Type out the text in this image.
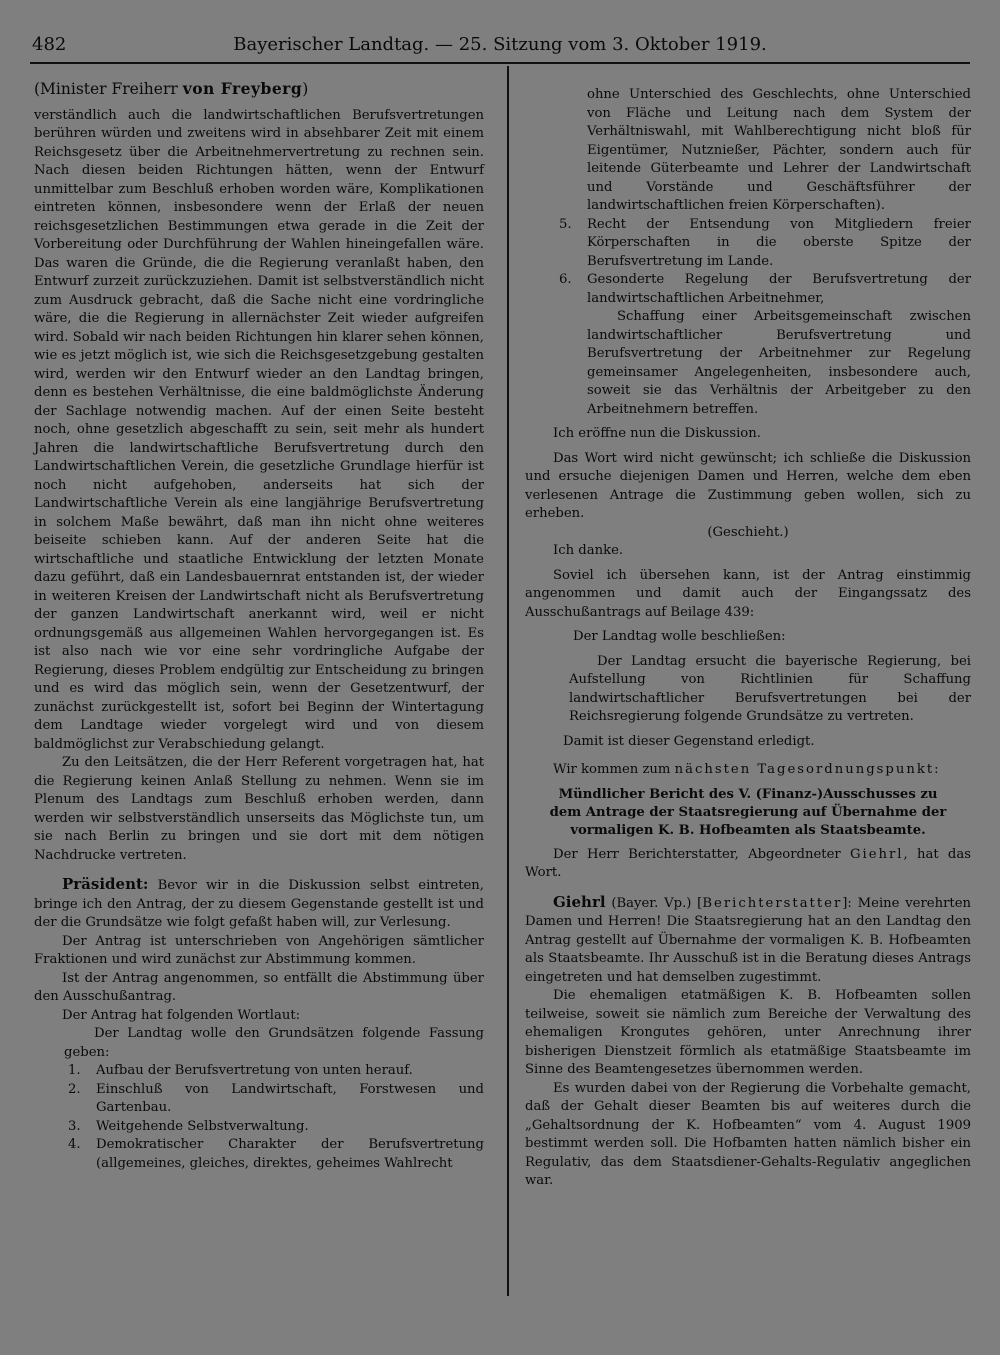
482	Bayerischer Landtag. — 25. Sitzung vom 3. Oktober 1919.

(Minister Freiherr von Freyberg)

verständlich auch die landwirtschaftlichen Berufsvertretungen berühren würden und zweitens wird in absehbarer Zeit mit einem Reichsgesetz über die Arbeitnehmervertretung zu rechnen sein. Nach diesen beiden Richtungen hätten, wenn der Entwurf unmittelbar zum Beschluß erhoben worden wäre, Komplikationen eintreten können, insbesondere wenn der Erlaß der neuen reichsgesetzlichen Bestimmungen etwa gerade in die Zeit der Vorbereitung oder Durchführung der Wahlen hineingefallen wäre. Das waren die Gründe, die die Regierung veranlaßt haben, den Entwurf zurzeit zurückzuziehen. Damit ist selbstverständlich nicht zum Ausdruck gebracht, daß die Sache nicht eine vordringliche wäre, die die Regierung in allernächster Zeit wieder aufgreifen wird. Sobald wir nach beiden Richtungen hin klarer sehen können, wie es jetzt möglich ist, wie sich die Reichsgesetzgebung gestalten wird, werden wir den Entwurf wieder an den Landtag bringen, denn es bestehen Verhältnisse, die eine baldmöglichste Änderung der Sachlage notwendig machen. Auf der einen Seite besteht noch, ohne gesetzlich abgeschafft zu sein, seit mehr als hundert Jahren die landwirtschaftliche Berufsvertretung durch den Landwirtschaftlichen Verein, die gesetzliche Grundlage hierfür ist noch nicht aufgehoben, anderseits hat sich der Landwirtschaftliche Verein als eine langjährige Berufsvertretung in solchem Maße bewährt, daß man ihn nicht ohne weiteres beiseite schieben kann. Auf der anderen Seite hat die wirtschaftliche und staatliche Entwicklung der letzten Monate dazu geführt, daß ein Landesbauernrat entstanden ist, der wieder in weiteren Kreisen der Landwirtschaft nicht als Berufsvertretung der ganzen Landwirtschaft anerkannt wird, weil er nicht ordnungsgemäß aus allgemeinen Wahlen hervorgegangen ist. Es ist also nach wie vor eine sehr vordringliche Aufgabe der Regierung, dieses Problem endgültig zur Entscheidung zu bringen und es wird das möglich sein, wenn der Gesetzentwurf, der zunächst zurückgestellt ist, sofort bei Beginn der Wintertagung dem Landtage wieder vorgelegt wird und von diesem baldmöglichst zur Verabschiedung gelangt.

Zu den Leitsätzen, die der Herr Referent vorgetragen hat, hat die Regierung keinen Anlaß Stellung zu nehmen. Wenn sie im Plenum des Landtags zum Beschluß erhoben werden, dann werden wir selbstverständlich unserseits das Möglichste tun, um sie nach Berlin zu bringen und sie dort mit dem nötigen Nachdrucke vertreten.

Präsident: Bevor wir in die Diskussion selbst eintreten, bringe ich den Antrag, der zu diesem Gegenstande gestellt ist und der die Grundsätze wie folgt gefaßt haben will, zur Verlesung.

Der Antrag ist unterschrieben von Angehörigen sämtlicher Fraktionen und wird zunächst zur Abstimmung kommen.

Ist der Antrag angenommen, so entfällt die Abstimmung über den Ausschußantrag.

Der Antrag hat folgenden Wortlaut:

Der Landtag wolle den Grundsätzen folgende Fassung geben:

1. Aufbau der Berufsvertretung von unten herauf.
2. Einschluß von Landwirtschaft, Forstwesen und Gartenbau.
3. Weitgehende Selbstverwaltung.
4. Demokratischer Charakter der Berufsvertretung (allgemeines, gleiches, direktes, geheimes Wahlrecht

ohne Unterschied des Geschlechts, ohne Unterschied von Fläche und Leitung nach dem System der Verhältniswahl, mit Wahlberechtigung nicht bloß für Eigentümer, Nutznießer, Pächter, sondern auch für leitende Güterbeamte und Lehrer der Landwirtschaft und Vorstände und Geschäftsführer der landwirtschaftlichen freien Körperschaften).

5. Recht der Entsendung von Mitgliedern freier Körperschaften in die oberste Spitze der Berufsvertretung im Lande.
6. Gesonderte Regelung der Berufsvertretung der landwirtschaftlichen Arbeitnehmer,

Schaffung einer Arbeitsgemeinschaft zwischen landwirtschaftlicher Berufsvertretung und Berufsvertretung der Arbeitnehmer zur Regelung gemeinsamer Angelegenheiten, insbesondere auch, soweit sie das Verhältnis der Arbeitgeber zu den Arbeitnehmern betreffen.

Ich eröffne nun die Diskussion.

Das Wort wird nicht gewünscht; ich schließe die Diskussion und ersuche diejenigen Damen und Herren, welche dem eben verlesenen Antrage die Zustimmung geben wollen, sich zu erheben.

(Geschieht.)

Ich danke.

Soviel ich übersehen kann, ist der Antrag einstimmig angenommen und damit auch der Eingangssatz des Ausschußantrags auf Beilage 439:

Der Landtag wolle beschließen:

Der Landtag ersucht die bayerische Regierung, bei Aufstellung von Richtlinien für Schaffung landwirtschaftlicher Berufsvertretungen bei der Reichsregierung folgende Grundsätze zu vertreten.

Damit ist dieser Gegenstand erledigt.

Wir kommen zum nächsten Tagesordnungspunkt:

Mündlicher Bericht des V. (Finanz-)Ausschusses zu dem Antrage der Staatsregierung auf Übernahme der vormaligen K. B. Hofbeamten als Staatsbeamte.

Der Herr Berichterstatter, Abgeordneter Giehrl, hat das Wort.

Giehrl (Bayer. Vp.) [Berichterstatter]: Meine verehrten Damen und Herren! Die Staatsregierung hat an den Landtag den Antrag gestellt auf Übernahme der vormaligen K. B. Hofbeamten als Staatsbeamte. Ihr Ausschuß ist in die Beratung dieses Antrags eingetreten und hat demselben zugestimmt.

Die ehemaligen etatmäßigen K. B. Hofbeamten sollen teilweise, soweit sie nämlich zum Bereiche der Verwaltung des ehemaligen Krongutes gehören, unter Anrechnung ihrer bisherigen Dienstzeit förmlich als etatmäßige Staatsbeamte im Sinne des Beamtengesetzes übernommen werden.

Es wurden dabei von der Regierung die Vorbehalte gemacht, daß der Gehalt dieser Beamten bis auf weiteres durch die „Gehaltsordnung der K. Hofbeamten“ vom 4. August 1909 bestimmt werden soll. Die Hofbamten hatten nämlich bisher ein Regulativ, das dem Staatsdiener-Gehalts-Regulativ angeglichen war.
